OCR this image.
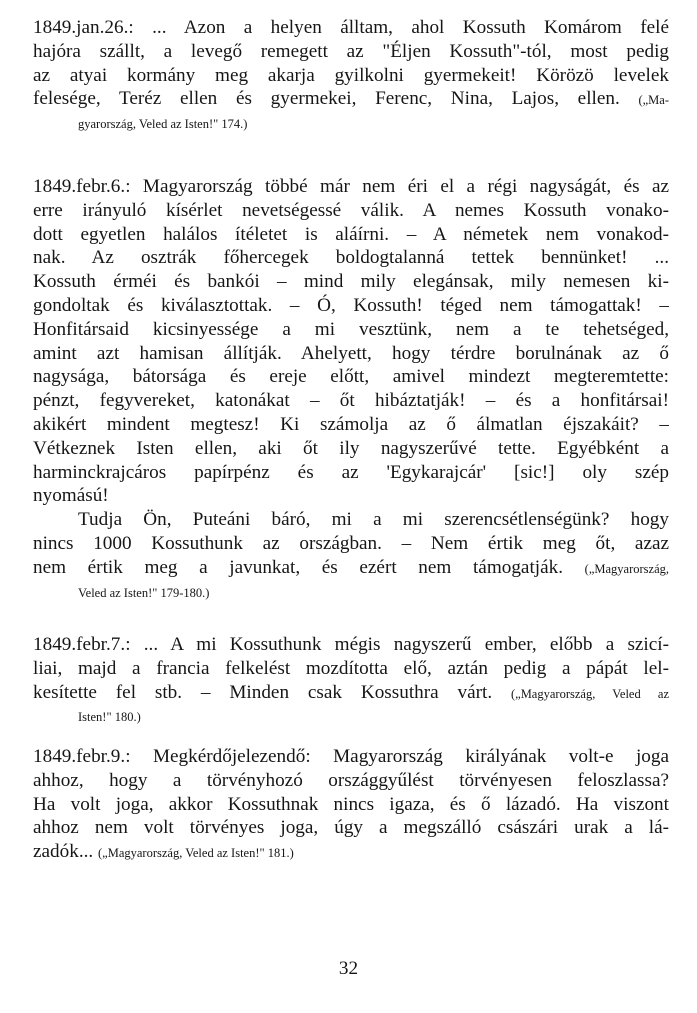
1849.jan.26.: ... Azon a helyen álltam, ahol Kossuth Komárom felé
hajóra szállt, a levegő remegett az "Éljen Kossuth"-tól, most pedig
az atyai kormány meg akarja gyilkolni gyermekeit! Körözö levelek
felesége, Teréz ellen és gyermekei, Ferenc, Nina, Lajos, ellen. („Ma-
gyarország, Veled az Isten!" 174.)
1849.febr.6.: Magyarország többé már nem éri el a régi nagyságát, és az
erre irányuló kísérlet nevetségessé válik. A nemes Kossuth vonako-
dott egyetlen halálos ítéletet is aláírni. – A németek nem vonakod-
nak. Az osztrák főhercegek boldogtalanná tettek bennünket! ...
Kossuth érméi és bankói – mind mily elegánsak, mily nemesen ki-
gondoltak és kiválasztottak. – Ó, Kossuth! téged nem támogattak! –
Honfitársaid kicsinyessége a mi vesztünk, nem a te tehetséged,
amint azt hamisan állítják. Ahelyett, hogy térdre borulnának az ő
nagysága, bátorsága és ereje előtt, amivel mindezt megteremtette:
pénzt, fegyvereket, katonákat – őt hibáztatják! – és a honfitársai!
akikért mindent megtesz! Ki számolja az ő álmatlan éjszakáit? –
Vétkeznek Isten ellen, aki őt ily nagyszerűvé tette. Egyébként a
harminckrajcáros papírpénz és az 'Egykarajcár' [sic!] oly szép
nyomású!
Tudja Ön, Puteáni báró, mi a mi szerencsétlenségünk? hogy
nincs 1000 Kossuthunk az országban. – Nem értik meg őt, azaz
nem értik meg a javunkat, és ezért nem támogatják. („Magyarország,
Veled az Isten!" 179-180.)
1849.febr.7.: ... A mi Kossuthunk mégis nagyszerű ember, előbb a szicí-
liai, majd a francia felkelést mozdította elő, aztán pedig a pápát lel-
kesítette fel stb. – Minden csak Kossuthra várt. („Magyarország, Veled az
Isten!" 180.)
1849.febr.9.: Megkérdőjelezendő: Magyarország királyának volt-e joga
ahhoz, hogy a törvényhozó országgyűlést törvényesen feloszlassa?
Ha volt joga, akkor Kossuthnak nincs igaza, és ő lázadó. Ha viszont
ahhoz nem volt törvényes joga, úgy a megszálló császári urak a lá-
zadók... („Magyarország, Veled az Isten!" 181.)
32
